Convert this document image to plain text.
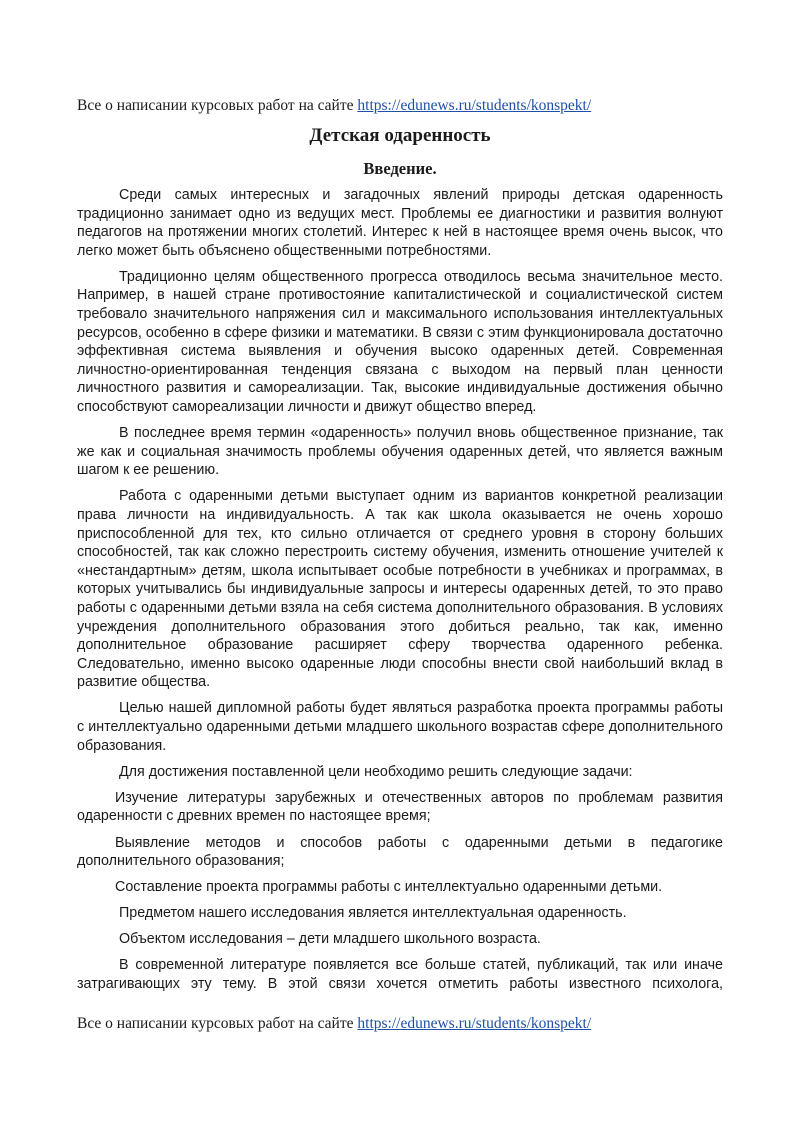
Все о написании курсовых работ на сайте https://edunews.ru/students/konspekt/
Детская одаренность
Введение.

Среди самых интересных и загадочных явлений природы детская одаренность традиционно занимает одно из ведущих мест. Проблемы ее диагностики и развития волнуют педагогов на протяжении многих столетий. Интерес к ней в настоящее время очень высок, что легко может быть объяснено общественными потребностями.

Традиционно целям общественного прогресса отводилось весьма значительное место. Например, в нашей стране противостояние капиталистической и социалистической систем требовало значительного напряжения сил и максимального использования интеллектуальных ресурсов, особенно в сфере физики и математики. В связи с этим функционировала достаточно эффективная система выявления и обучения высоко одаренных детей. Современная личностно-ориентированная тенденция связана с выходом на первый план ценности личностного развития и самореализации. Так, высокие индивидуальные достижения обычно способствуют самореализации личности и движут общество вперед.

В последнее время термин «одаренность» получил вновь общественное признание, так же как и социальная значимость проблемы обучения одаренных детей, что является важным шагом к ее решению.

Работа с одаренными детьми выступает одним из вариантов конкретной реализации права личности на индивидуальность. А так как школа оказывается не очень хорошо приспособленной для тех, кто сильно отличается от среднего уровня в сторону больших способностей, так как сложно перестроить систему обучения, изменить отношение учителей к «нестандартным» детям, школа испытывает особые потребности в учебниках и программах, в которых учитывались бы индивидуальные запросы и интересы одаренных детей, то это право работы с одаренными детьми взяла на себя система дополнительного образования. В условиях учреждения дополнительного образования этого добиться реально, так как, именно дополнительное образование расширяет сферу творчества одаренного ребенка. Следовательно, именно высоко одаренные люди способны внести свой наибольший вклад в развитие общества.

Целью нашей дипломной работы будет являться разработка проекта программы работы с интеллектуально одаренными детьми младшего школьного возрастав сфере дополнительного образования.

Для достижения поставленной цели необходимо решить следующие задачи:

Изучение литературы зарубежных и отечественных авторов по проблемам развития одаренности с древних времен по настоящее время;

Выявление методов и способов работы с одаренными детьми в педагогике дополнительного образования;

Составление проекта программы работы с интеллектуально одаренными детьми.

Предметом нашего исследования является интеллектуальная одаренность.

Объектом исследования – дети младшего школьного возраста.

В современной литературе появляется все больше статей, публикаций, так или иначе затрагивающих эту тему. В этой связи хочется отметить работы известного психолога,

Все о написании курсовых работ на сайте https://edunews.ru/students/konspekt/
